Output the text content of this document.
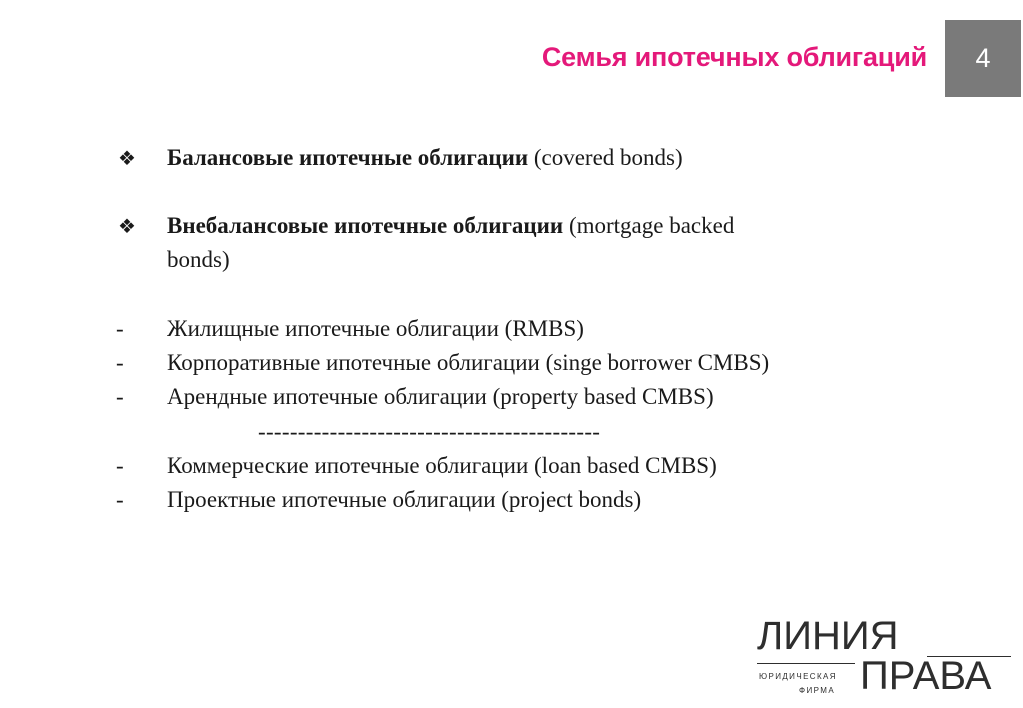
Семья ипотечных облигаций 4
❖ Балансовые ипотечные облигации (covered bonds)
❖ Внебалансовые ипотечные облигации (mortgage backed
bonds)
- Жилищные ипотечные облигации (RMBS)
- Корпоративные ипотечные облигации (singe borrower CMBS)
- Арендные ипотечные облигации (property based CMBS)
-------------------------------------------
- Коммерческие ипотечные облигации (loan based CMBS)
- Проектные ипотечные облигации (project bonds)
ЛИНИЯ
ЮРИДИЧЕСКАЯ
ФИРМА ПРАВА
